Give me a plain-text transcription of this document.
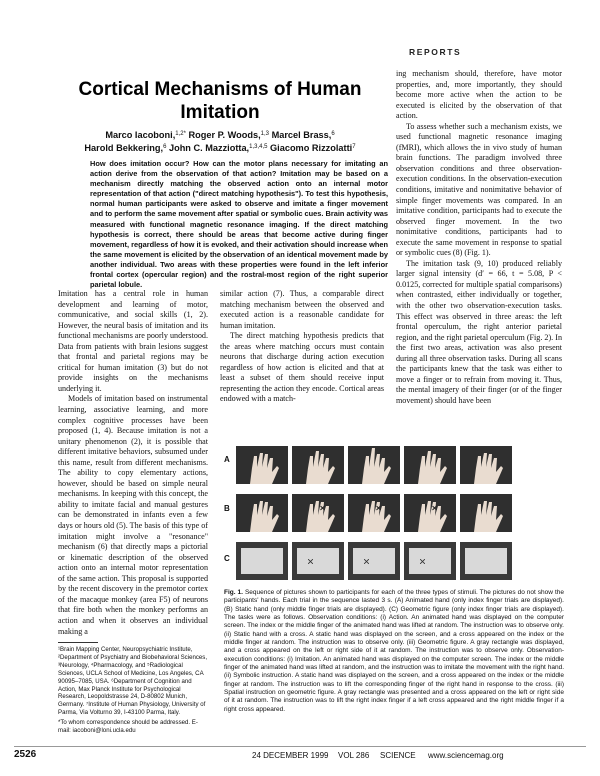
REPORTS
Cortical Mechanisms of Human Imitation
Marco Iacoboni,$^{1,2*}$ Roger P. Woods,$^{1,3}$ Marcel Brass,$^6$
Harold Bekkering,$^6$ John C. Mazziotta,$^{1,3,4,5}$ Giacomo Rizzolatti$^7$
How does imitation occur? How can the motor plans necessary for imitating an action derive from the observation of that action? Imitation may be based on a mechanism directly matching the observed action onto an internal motor representation of that action ("direct matching hypothesis"). To test this hypothesis, normal human participants were asked to observe and imitate a finger movement and to perform the same movement after spatial or symbolic cues. Brain activity was measured with functional magnetic resonance imaging. If the direct matching hypothesis is correct, there should be areas that become active during finger movement, regardless of how it is evoked, and their activation should increase when the same movement is elicited by the observation of an identical movement made by another individual. Two areas with these properties were found in the left inferior frontal cortex (opercular region) and the rostral-most region of the right superior parietal lobule.

Imitation has a central role in human development and learning of motor, communicative, and social skills (1, 2). However, the neural basis of imitation and its functional mechanisms are poorly understood. Data from patients with brain lesions suggest that frontal and parietal regions may be critical for human imitation (3) but do not provide insights on the mechanisms underlying it.

Models of imitation based on instrumental learning, associative learning, and more complex cognitive processes have been proposed (1, 4). Because imitation is not a unitary phenomenon (2), it is possible that different imitative behaviors, subsumed under this name, result from different mechanisms. The ability to copy elementary actions, however, should be based on simple neural mechanisms. In keeping with this concept, the ability to imitate facial and manual gestures can be demonstrated in infants even a few days or hours old (5). The basis of this type of imitation might involve a "resonance" mechanism (6) that directly maps a pictorial or kinematic description of the observed action onto an internal motor representation of the same action. This proposal is supported by the recent discovery in the premotor cortex of the macaque monkey (area F5) of neurons that fire both when the monkey performs an action and when it observes an individual making a

similar action (7). Thus, a comparable direct matching mechanism between the observed and executed action is a reasonable candidate for human imitation.

The direct matching hypothesis predicts that the areas where matching occurs must contain neurons that discharge during action execution regardless of how action is elicited and that at least a subset of them should receive input representing the action they encode. Cortical areas endowed with a match-

ing mechanism should, therefore, have motor properties, and, more importantly, they should become more active when the action to be executed is elicited by the observation of that action.

To assess whether such a mechanism exists, we used functional magnetic resonance imaging (fMRI), which allows the in vivo study of human brain functions. The paradigm involved three observation conditions and three observation-execution conditions. In the observation-execution conditions, imitative and nonimitative behavior of simple finger movements was compared. In an imitative condition, participants had to execute the observed finger movement. In the two nonimitative conditions, participants had to execute the same movement in response to spatial or symbolic cues (8) (Fig. 1).

The imitation task (9, 10) produced reliably larger signal intensity (d′ = 66, t = 5.08, P < 0.0125, corrected for multiple spatial comparisons) when contrasted, either individually or together, with the other two observation-execution tasks. This effect was observed in three areas: the left frontal operculum, the right anterior parietal region, and the right parietal operculum (Fig. 2). In the first two areas, activation was also present during all three observation tasks. During all scans the participants knew that the task was either to move a finger or to refrain from moving it. Thus, the mental imagery of their finger (or of the finger movement) should have been

¹Brain Mapping Center, Neuropsychiatric Institute, ²Department of Psychiatry and Biobehavioral Sciences, ³Neurology, ⁴Pharmacology, and ⁵Radiological Sciences, UCLA School of Medicine, Los Angeles, CA 90095–7085, USA. ⁶Department of Cognition and Action, Max Planck Institute for Psychological Research, Leopoldstrasse 24, D-80802 Munich, Germany. ⁷Institute of Human Physiology, University of Parma, Via Volturno 39, I-43100 Parma, Italy.

*To whom correspondence should be addressed. E-mail: iacoboni@loni.ucla.edu

A
B
C
Fig. 1. Sequence of pictures shown to participants for each of the three types of stimuli. The pictures do not show the participants' hands. Each trial in the sequence lasted 3 s. (A) Animated hand (only index finger trials are displayed). (B) Static hand (only middle finger trials are displayed). (C) Geometric figure (only index finger trials are displayed). The tasks were as follows. Observation conditions: (i) Action. An animated hand was displayed on the computer screen. The index or the middle finger of the animated hand was lifted at random. The instruction was to observe only. (ii) Static hand with a cross. A static hand was displayed on the screen, and a cross appeared on the index or the middle finger at random. The instruction was to observe only. (iii) Geometric figure. A gray rectangle was displayed, and a cross appeared on the left or right side of it at random. The instruction was to observe only. Observation-execution conditions: (i) Imitation. An animated hand was displayed on the computer screen. The index or the middle finger of the animated hand was lifted at random, and the instruction was to imitate the movement with the right hand. (ii) Symbolic instruction. A static hand was displayed on the screen, and a cross appeared on the index or the middle finger at random. The instruction was to lift the corresponding finger of the right hand in response to the cross. (iii) Spatial instruction on geometric figure. A gray rectangle was presented and a cross appeared on the left or right side of it at random. The instruction was to lift the right index finger if a left cross appeared and the right middle finger if a right cross appeared.
2526	24 DECEMBER 1999 VOL 286 SCIENCE www.sciencemag.org
